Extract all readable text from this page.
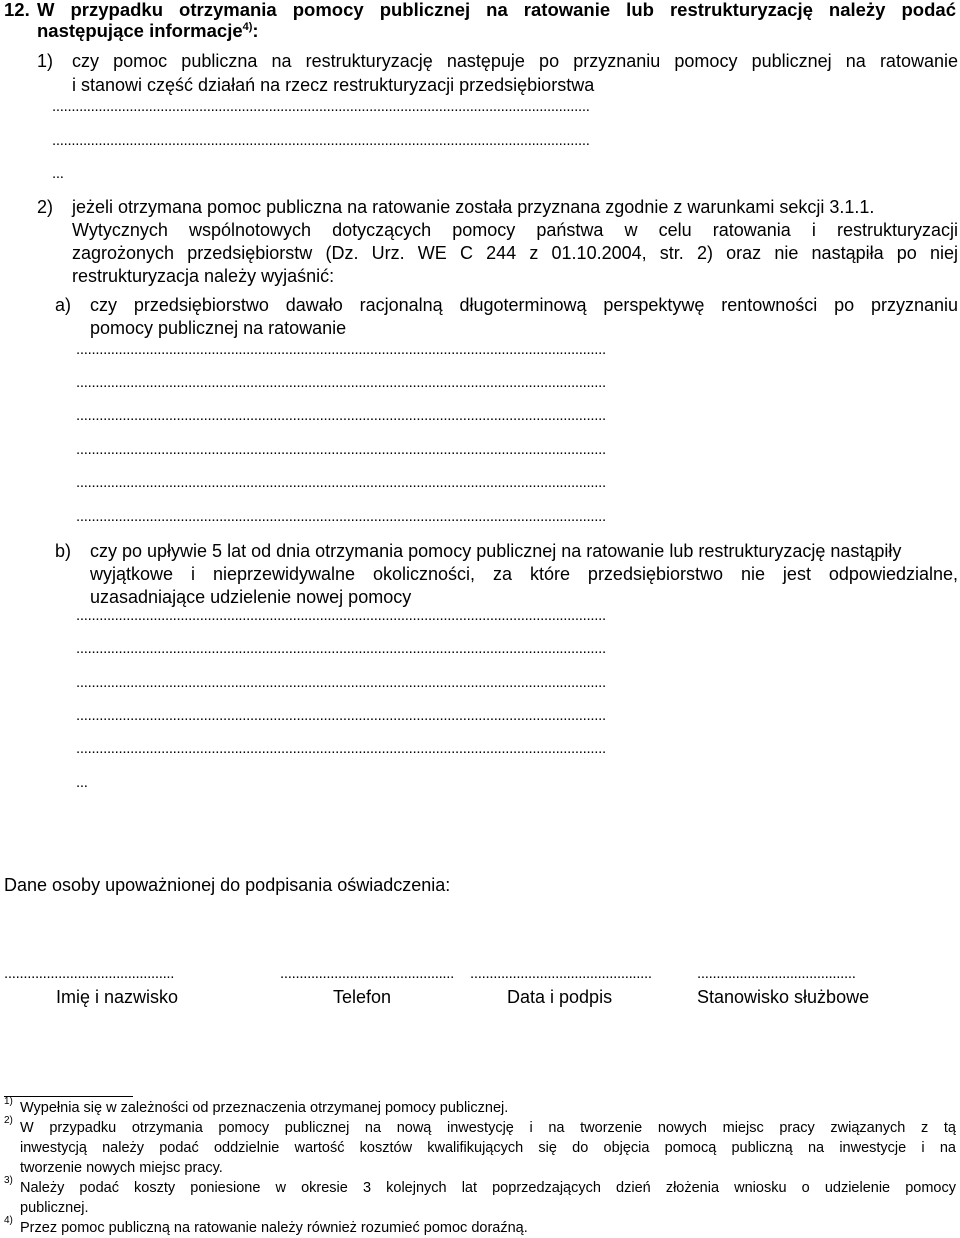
12. W przypadku otrzymania pomocy publicznej na ratowanie lub restrukturyzację należy podać
następujące informacje$^{4)}$:
1) czy pomoc publiczna na restrukturyzację następuje po przyznaniu pomocy publicznej na ratowanie
i stanowi część działań na rzecz restrukturyzacji przedsiębiorstwa
...........................................................................................................................................
...........................................................................................................................................
...
2) jeżeli otrzymana pomoc publiczna na ratowanie została przyznana zgodnie z warunkami sekcji 3.1.1.
Wytycznych wspólnotowych dotyczących pomocy państwa w celu ratowania i restrukturyzacji
zagrożonych przedsiębiorstw (Dz. Urz. WE C 244 z 01.10.2004, str. 2) oraz nie nastąpiła po niej
restrukturyzacja należy wyjaśnić:
a) czy przedsiębiorstwo dawało racjonalną długoterminową perspektywę rentowności po przyznaniu
pomocy publicznej na ratowanie
.........................................................................................................................................
.........................................................................................................................................
.........................................................................................................................................
.........................................................................................................................................
.........................................................................................................................................
.........................................................................................................................................
b) czy po upływie 5 lat od dnia otrzymania pomocy publicznej na ratowanie lub restrukturyzację nastąpiły
wyjątkowe i nieprzewidywalne okoliczności, za które przedsiębiorstwo nie jest odpowiedzialne,
uzasadniające udzielenie nowej pomocy
.........................................................................................................................................
.........................................................................................................................................
.........................................................................................................................................
.........................................................................................................................................
.........................................................................................................................................
...
Dane osoby upoważnionej do podpisania oświadczenia:
............................................	............................................. ...............................................	.........................................
Imię i nazwisko	Telefon	Data i podpis	Stanowisko służbowe
1) Wypełnia się w zależności od przeznaczenia otrzymanej pomocy publicznej.
2) W przypadku otrzymania pomocy publicznej na nową inwestycję i na tworzenie nowych miejsc pracy związanych z tą
inwestycją należy podać oddzielnie wartość kosztów kwalifikujących się do objęcia pomocą publiczną na inwestycje i na
tworzenie nowych miejsc pracy.
3) Należy podać koszty poniesione w okresie 3 kolejnych lat poprzedzających dzień złożenia wniosku o udzielenie pomocy
publicznej.
4) Przez pomoc publiczną na ratowanie należy również rozumieć pomoc doraźną.
